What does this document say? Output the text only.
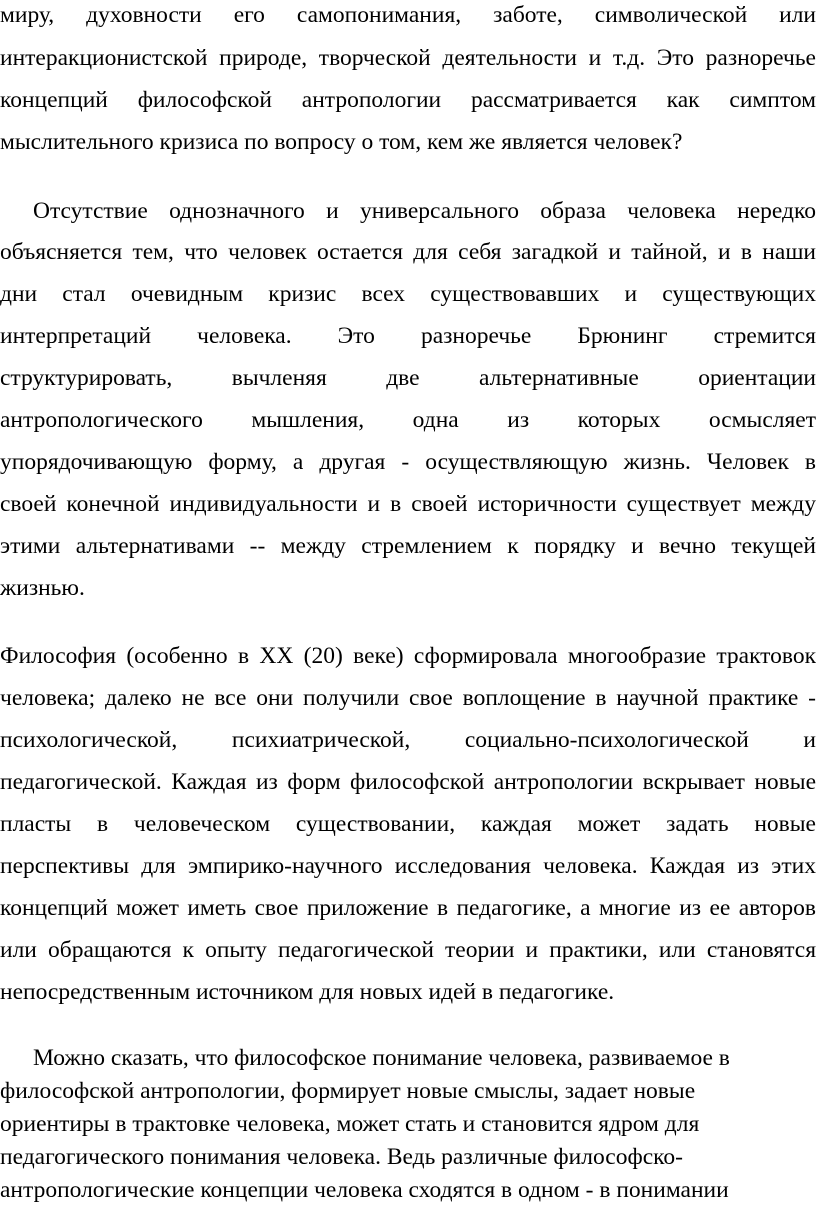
миру, духовности его самопонимания, заботе, символической или
интеракционистской природе, творческой деятельности и т.д. Это разноречье
концепций философской антропологии рассматривается как симптом
мыслительного кризиса по вопросу о том, кем же является человек?
Отсутствие однозначного и универсального образа человека нередко
объясняется тем, что человек остается для себя загадкой и тайной, и в наши
дни стал очевидным кризис всех существовавших и существующих
интерпретаций человека. Это разноречье Брюнинг стремится
структурировать, вычленяя две альтернативные ориентации
антропологического мышления, одна из которых осмысляет
упорядочивающую форму, а другая - осуществляющую жизнь. Человек в
своей конечной индивидуальности и в своей историчности существует между
этими альтернативами -- между стремлением к порядку и вечно текущей
жизнью.
Философия (особенно в XX (20) веке) сформировала многообразие трактовок
человека; далеко не все они получили свое воплощение в научной практике -
психологической, психиатрической, социально-психологической и
педагогической. Каждая из форм философской антропологии вскрывает новые
пласты в человеческом существовании, каждая может задать новые
перспективы для эмпирико-научного исследования человека. Каждая из этих
концепций может иметь свое приложение в педагогике, а многие из ее авторов
или обращаются к опыту педагогической теории и практики, или становятся
непосредственным источником для новых идей в педагогике.
Можно сказать, что философское понимание человека, развиваемое в
философской антропологии, формирует новые смыслы, задает новые
ориентиры в трактовке человека, может стать и становится ядром для
педагогического понимания человека. Ведь различные философско-
антропологические концепции человека сходятся в одном - в понимании
